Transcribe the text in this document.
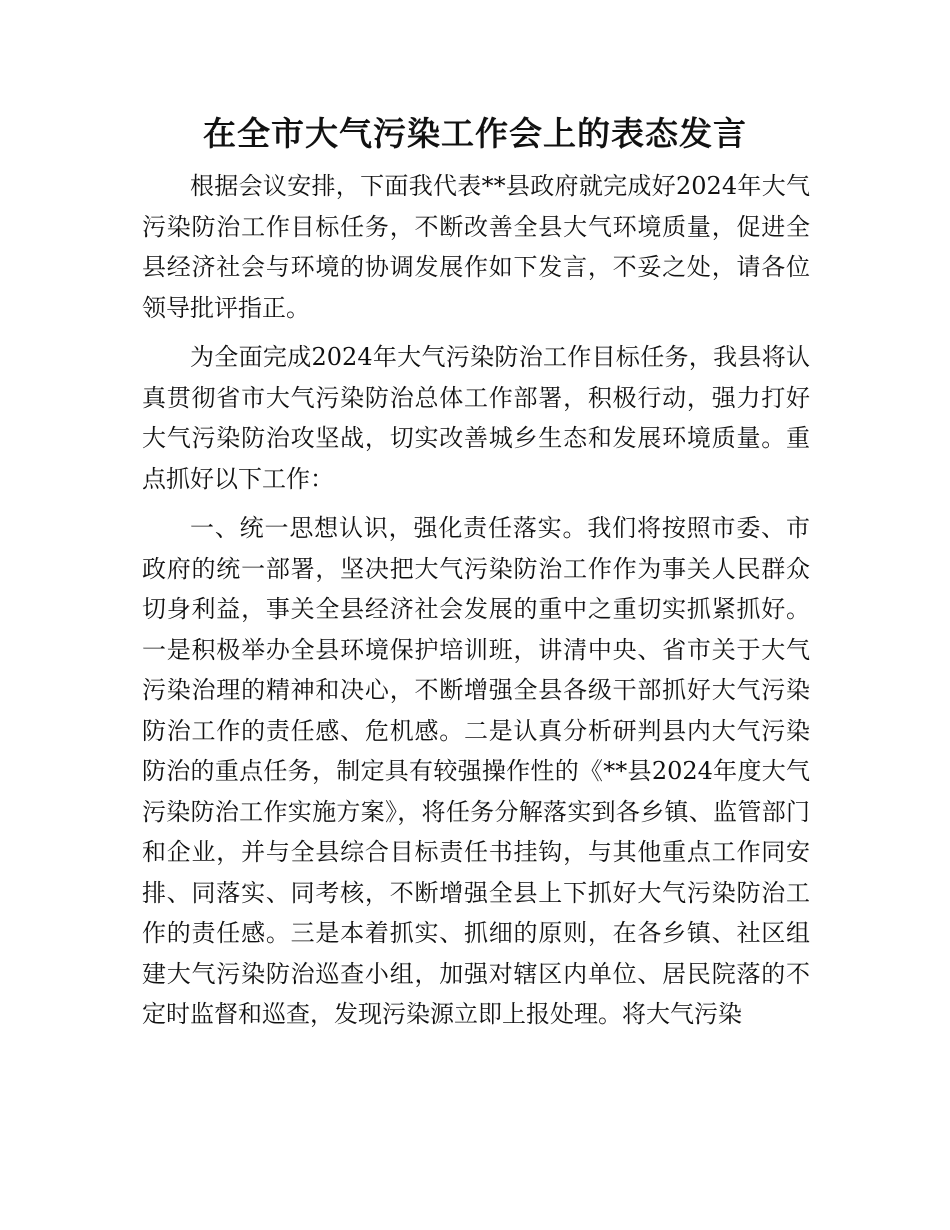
在全市大气污染工作会上的表态发言

根据会议安排，下面我代表**县政府就完成好2024年大气污染防治工作目标任务，不断改善全县大气环境质量，促进全县经济社会与环境的协调发展作如下发言，不妥之处，请各位领导批评指正。

为全面完成2024年大气污染防治工作目标任务，我县将认真贯彻省市大气污染防治总体工作部署，积极行动，强力打好大气污染防治攻坚战，切实改善城乡生态和发展环境质量。重点抓好以下工作：

一、统一思想认识，强化责任落实。我们将按照市委、市政府的统一部署，坚决把大气污染防治工作作为事关人民群众切身利益，事关全县经济社会发展的重中之重切实抓紧抓好。一是积极举办全县环境保护培训班，讲清中央、省市关于大气污染治理的精神和决心，不断增强全县各级干部抓好大气污染防治工作的责任感、危机感。二是认真分析研判县内大气污染防治的重点任务，制定具有较强操作性的《**县2024年度大气污染防治工作实施方案》，将任务分解落实到各乡镇、监管部门和企业，并与全县综合目标责任书挂钩，与其他重点工作同安排、同落实、同考核，不断增强全县上下抓好大气污染防治工作的责任感。三是本着抓实、抓细的原则，在各乡镇、社区组建大气污染防治巡查小组，加强对辖区内单位、居民院落的不定时监督和巡查，发现污染源立即上报处理。将大气污染
